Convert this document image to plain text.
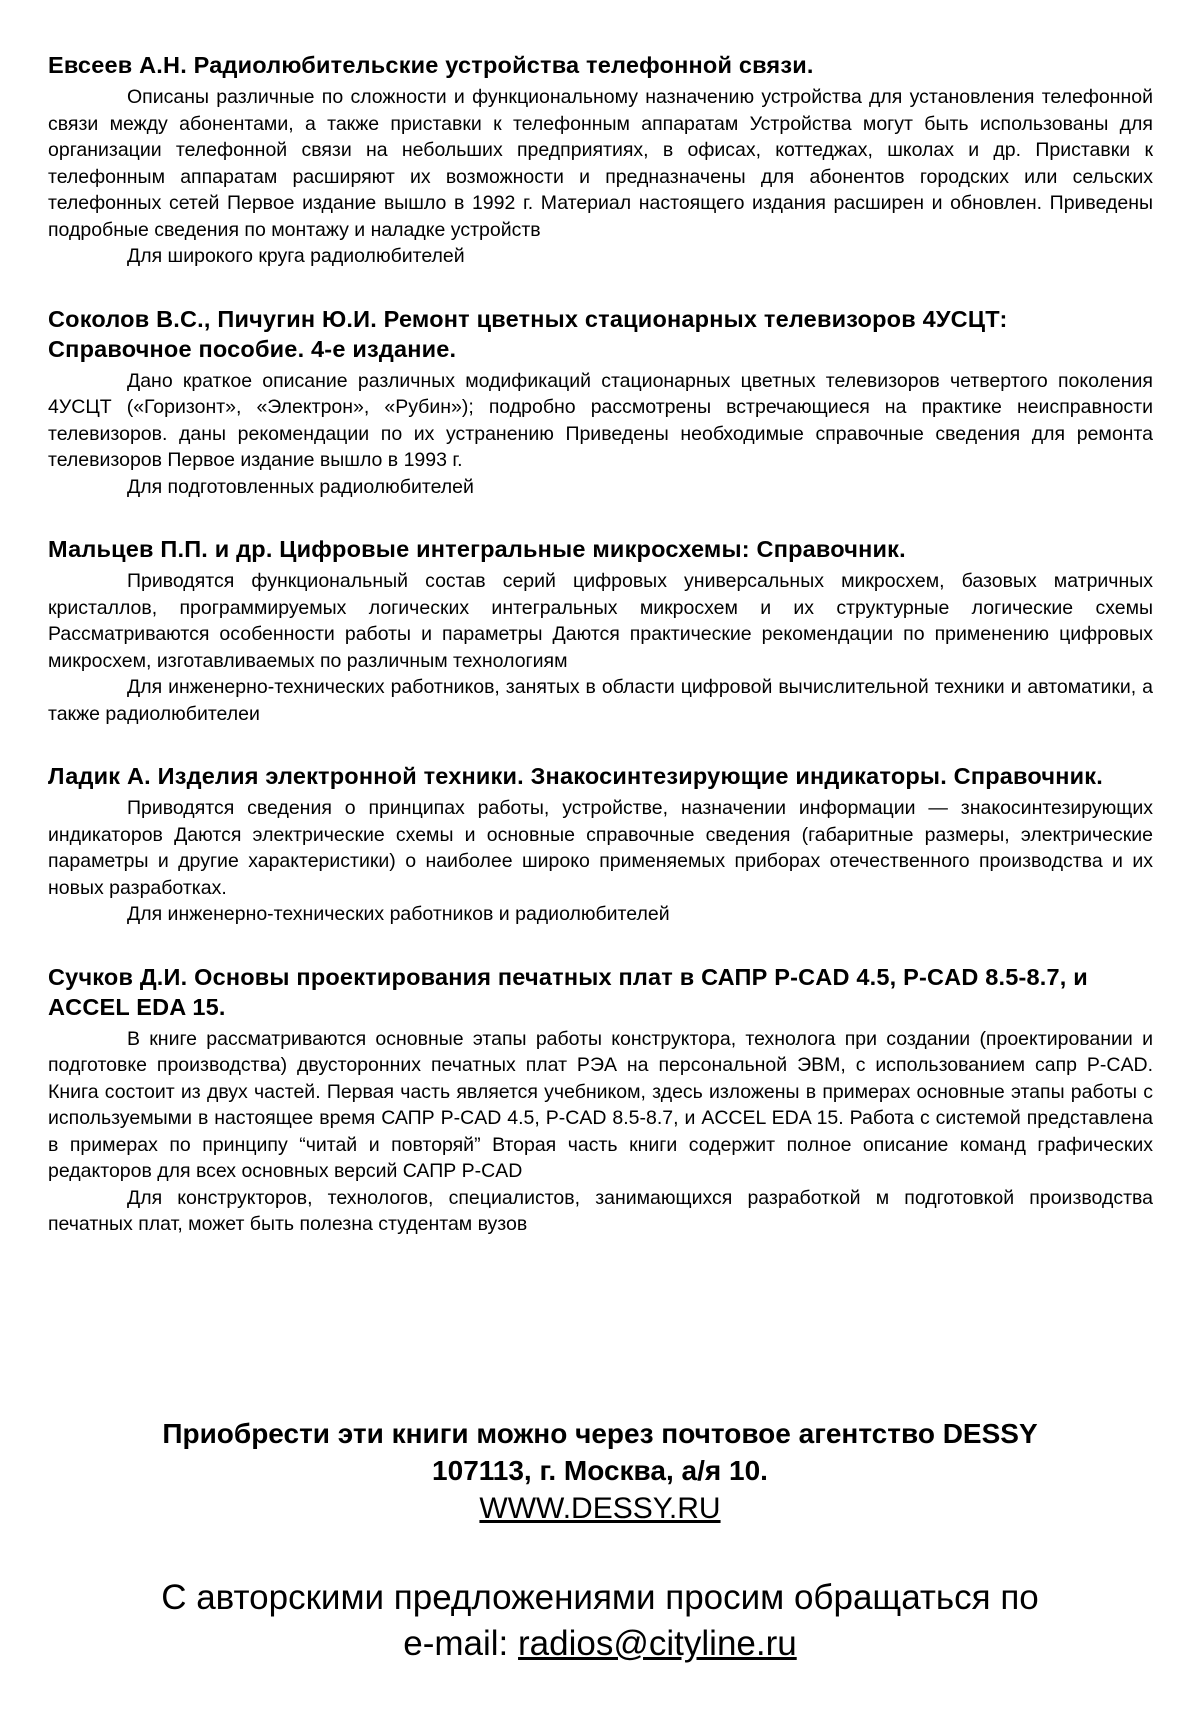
Евсеев А.Н. Радиолюбительские устройства телефонной связи.

Описаны различные по сложности и функциональному назначению устройства для установления телефонной связи между абонентами, а также приставки к телефонным аппаратам Устройства могут быть использованы для организации телефонной связи на небольших предприятиях, в офисах, коттеджах, школах и др. Приставки к телефонным аппаратам расширяют их возможности и предназначены для абонентов городских или сельских телефонных сетей Первое издание вышло в 1992 г. Материал настоящего издания расширен и обновлен. Приведены подробные сведения по монтажу и наладке устройств

Для широкого круга радиолюбителей

Соколов В.С., Пичугин Ю.И. Ремонт цветных стационарных телевизоров 4УСЦТ: Справочное пособие. 4-е издание.

Дано краткое описание различных модификаций стационарных цветных телевизоров четвертого поколения 4УСЦТ («Горизонт», «Электрон», «Рубин»); подробно рассмотрены встречающиеся на практике неисправности телевизоров. даны рекомендации по их устранению Приведены необходимые справочные сведения для ремонта телевизоров Первое издание вышло в 1993 г.

Для подготовленных радиолюбителей

Мальцев П.П. и др. Цифровые интегральные микросхемы: Справочник.

Приводятся функциональный состав серий цифровых универсальных микросхем, базовых матричных кристаллов, программируемых логических интегральных микросхем и их структурные логические схемы Рассматриваются особенности работы и параметры Даются практические рекомендации по применению цифровых микросхем, изготавливаемых по различным технологиям

Для инженерно-технических работников, занятых в области цифровой вычислительной техники и автоматики, а также радиолюбителеи

Ладик А. Изделия электронной техники. Знакосинтезирующие индикаторы. Справочник.

Приводятся сведения о принципах работы, устройстве, назначении информации — знакосинтезирующих индикаторов Даются электрические схемы и основные справочные сведения (габаритные размеры, электрические параметры и другие характеристики) о наиболее широко применяемых приборах отечественного производства и их новых разработках.

Для инженерно-технических работников и радиолюбителей

Сучков Д.И. Основы проектирования печатных плат в САПР P-CAD 4.5, P-CAD 8.5-8.7, и ACCEL EDA 15.

В книге рассматриваются основные этапы работы конструктора, технолога при создании (проектировании и подготовке производства) двусторонних печатных плат РЭА на персональной ЭВМ, с использованием сапр P-CAD. Книга состоит из двух частей. Первая часть является учебником, здесь изложены в примерах основные этапы работы с используемыми в настоящее время САПР P-CAD 4.5, P-CAD 8.5-8.7, и ACCEL EDA 15. Работа с системой представлена в примерах по принципу “читай и повторяй” Вторая часть книги содержит полное описание команд графических редакторов для всех основных версий САПР P-CAD

Для конструкторов, технологов, специалистов, занимающихся разработкой м подготовкой производства печатных плат, может быть полезна студентам вузов

Приобрести эти книги можно через почтовое агентство DESSY

107113, г. Москва, а/я 10.

WWW.DESSY.RU

С авторскими предложениями просим обращаться по
e-mail: radios@cityline.ru
